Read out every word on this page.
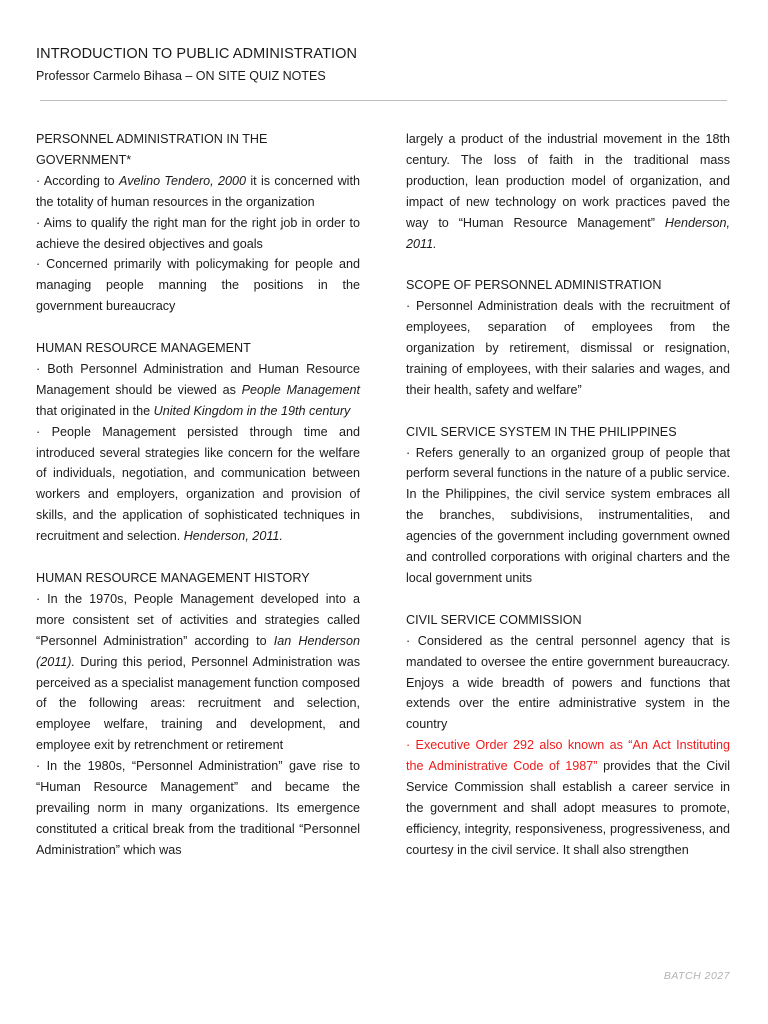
INTRODUCTION TO PUBLIC ADMINISTRATION
Professor Carmelo Bihasa – ON SITE QUIZ NOTES
PERSONNEL ADMINISTRATION IN THE GOVERNMENT*

· According to Avelino Tendero, 2000 it is concerned with the totality of human resources in the organization

· Aims to qualify the right man for the right job in order to achieve the desired objectives and goals

· Concerned primarily with policymaking for people and managing people manning the positions in the government bureaucracy

HUMAN RESOURCE MANAGEMENT

· Both Personnel Administration and Human Resource Management should be viewed as People Management that originated in the United Kingdom in the 19th century

· People Management persisted through time and introduced several strategies like concern for the welfare of individuals, negotiation, and communication between workers and employers, organization and provision of skills, and the application of sophisticated techniques in recruitment and selection. Henderson, 2011.

HUMAN RESOURCE MANAGEMENT HISTORY

· In the 1970s, People Management developed into a more consistent set of activities and strategies called “Personnel Administration” according to Ian Henderson (2011). During this period, Personnel Administration was perceived as a specialist management function composed of the following areas: recruitment and selection, employee welfare, training and development, and employee exit by retrenchment or retirement

· In the 1980s, “Personnel Administration” gave rise to “Human Resource Management” and became the prevailing norm in many organizations. Its emergence constituted a critical break from the traditional “Personnel Administration” which was

largely a product of the industrial movement in the 18th century. The loss of faith in the traditional mass production, lean production model of organization, and impact of new technology on work practices paved the way to “Human Resource Management” Henderson, 2011.

SCOPE OF PERSONNEL ADMINISTRATION

· Personnel Administration deals with the recruitment of employees, separation of employees from the organization by retirement, dismissal or resignation, training of employees, with their salaries and wages, and their health, safety and welfare”

CIVIL SERVICE SYSTEM IN THE PHILIPPINES

· Refers generally to an organized group of people that perform several functions in the nature of a public service. In the Philippines, the civil service system embraces all the branches, subdivisions, instrumentalities, and agencies of the government including government owned and controlled corporations with original charters and the local government units

CIVIL SERVICE COMMISSION

· Considered as the central personnel agency that is mandated to oversee the entire government bureaucracy. Enjoys a wide breadth of powers and functions that extends over the entire administrative system in the country

· Executive Order 292 also known as “An Act Instituting the Administrative Code of 1987” provides that the Civil Service Commission shall establish a career service in the government and shall adopt measures to promote, efficiency, integrity, responsiveness, progressiveness, and courtesy in the civil service. It shall also strengthen

BATCH 2027
